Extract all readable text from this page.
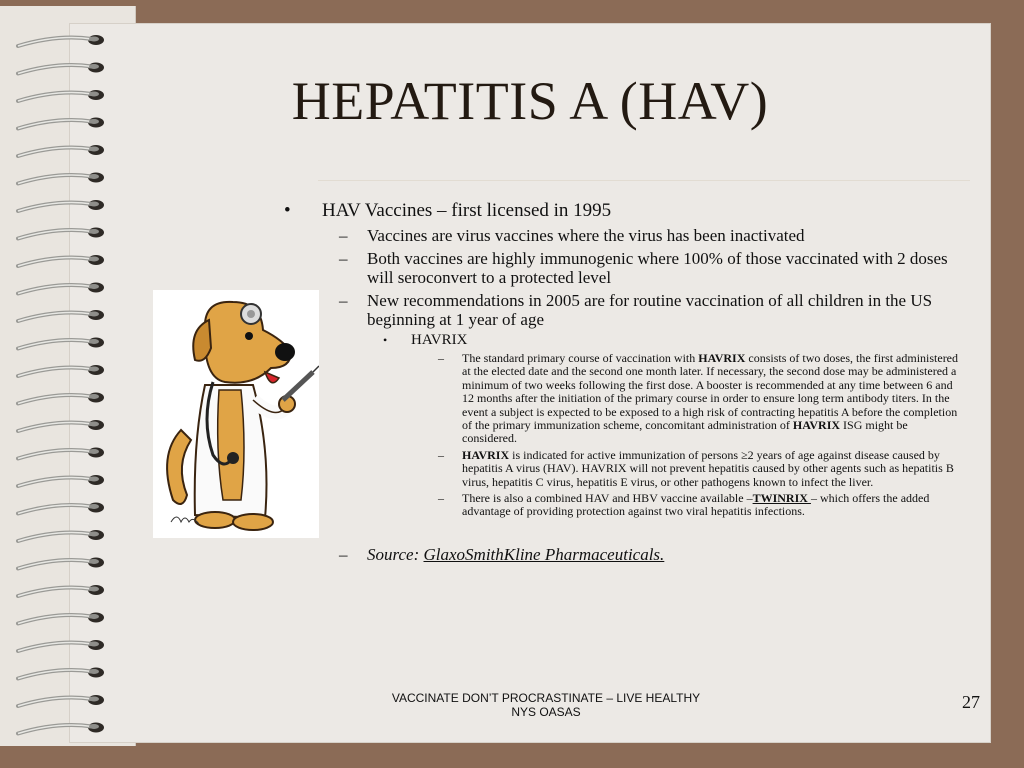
HEPATITIS A (HAV)
• HAV Vaccines – first licensed in 1995
– Vaccines are virus vaccines where the virus has been inactivated
– Both vaccines are highly immunogenic where 100% of those vaccinated with 2 doses will seroconvert to a protected level
– New recommendations in 2005 are for routine vaccination of all children in the US beginning at 1 year of age
• HAVRIX
– The standard primary course of vaccination with HAVRIX consists of two doses, the first administered at the elected date and the second one month later. If necessary, the second dose may be administered a minimum of two weeks following the first dose. A booster is recommended at any time between 6 and 12 months after the initiation of the primary course in order to ensure long term antibody titers. In the event a subject is expected to be exposed to a high risk of contracting hepatitis A before the completion of the primary immunization scheme, concomitant administration of HAVRIX ISG might be considered.
– HAVRIX is indicated for active immunization of persons ≥2 years of age against disease caused by hepatitis A virus (HAV). HAVRIX will not prevent hepatitis caused by other agents such as hepatitis B virus, hepatitis C virus, hepatitis E virus, or other pathogens known to infect the liver.
– There is also a combined HAV and HBV vaccine available –TWINRIX – which offers the added advantage of providing protection against two viral hepatitis infections.
– Source: GlaxoSmithKline Pharmaceuticals.
VACCINATE DON’T PROCRASTINATE – LIVE HEALTHY
NYS OASAS	27
